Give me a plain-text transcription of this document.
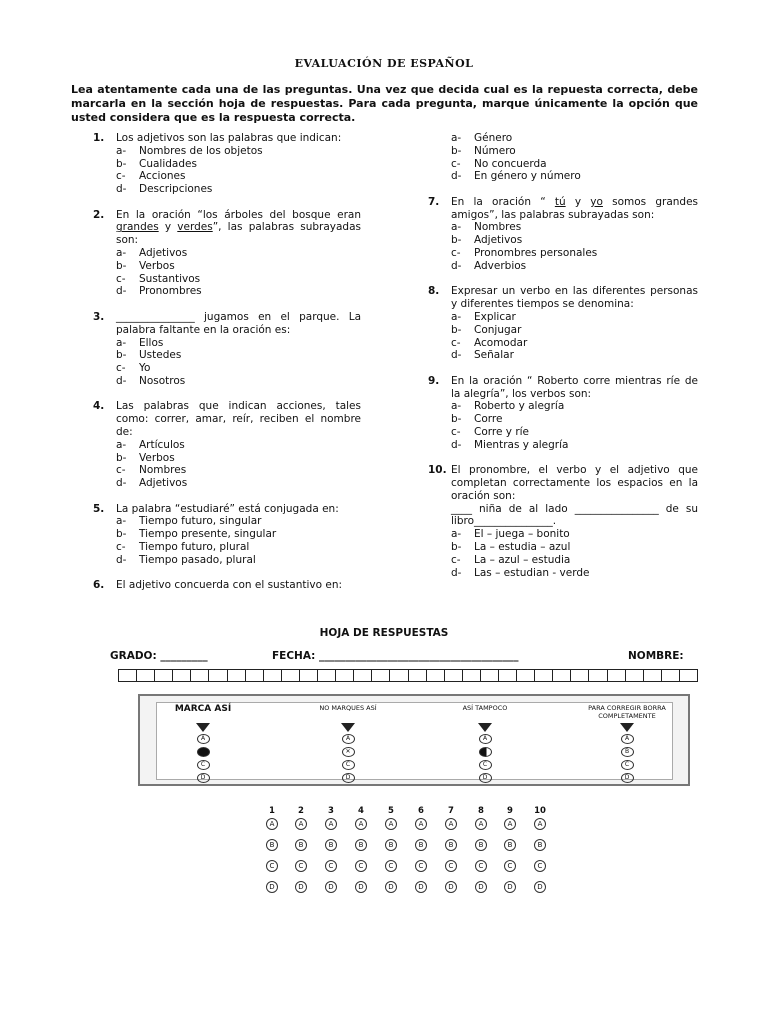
EVALUACIÓN DE ESPAÑOL
Lea atentamente cada una de las preguntas. Una vez que decida cual es la repuesta correcta, debe marcarla en la sección hoja de respuestas. Para cada pregunta, marque únicamente la opción que usted considera que es la respuesta correcta.
1.	Los adjetivos son las palabras que indican:
a-	Nombres de los objetos
b-	Cualidades
c-	Acciones
d-	Descripciones
2.	En la oración “los árboles del bosque eran grandes y verdes”, las palabras subrayadas son:
a-	Adjetivos
b-	Verbos
c-	Sustantivos
d-	Pronombres
3.	_______________ jugamos en el parque. La palabra faltante en la oración es:
a-	Ellos
b-	Ustedes
c-	Yo
d-	Nosotros
4.	Las palabras que indican acciones, tales como: correr, amar, reír, reciben el nombre de:
a-	Artículos
b-	Verbos
c-	Nombres
d-	Adjetivos
5.	La palabra “estudiaré” está conjugada en:
a-	Tiempo futuro, singular
b-	Tiempo presente, singular
c-	Tiempo futuro, plural
d-	Tiempo pasado, plural
6.	El adjetivo concuerda con el sustantivo en:
a-	Género
b-	Número
c-	No concuerda
d-	En género y número
7.	En la oración “ tú y yo somos grandes amigos”, las palabras subrayadas son:
a-	Nombres
b-	Adjetivos
c-	Pronombres personales
d-	Adverbios
8.	Expresar un verbo en las diferentes personas y diferentes tiempos se denomina:
a-	Explicar
b-	Conjugar
c-	Acomodar
d-	Señalar
9.	En la oración “ Roberto corre mientras ríe de la alegría”, los verbos son:
a-	Roberto y alegría
b-	Corre
c-	Corre y ríe
d-	Mientras y alegría
10. El pronombre, el verbo y el adjetivo que completan correctamente los espacios en la oración son:
____ niña de al lado ________________ de su libro_______________.
a-	El – juega – bonito
b-	La – estudia – azul
c-	La – azul – estudia
d-	Las – estudian - verde
HOJA DE RESPUESTAS
GRADO: _________	FECHA: ______________________________________	NOMBRE:
MARCA ASÍ
A
C
D
NO MARQUES ASÍ
A
✕
C
D
ASÍ TAMPOCO
A
C
D
PARA CORREGIR BORRA COMPLETAMENTE
A
B
C
D
1
A
B
C
D
2
A
B
C
D
3
A
B
C
D
4
A
B
C
D
5
A
B
C
D
6
A
B
C
D
7
A
B
C
D
8
A
B
C
D
9
A
B
C
D
10
A
B
C
D
